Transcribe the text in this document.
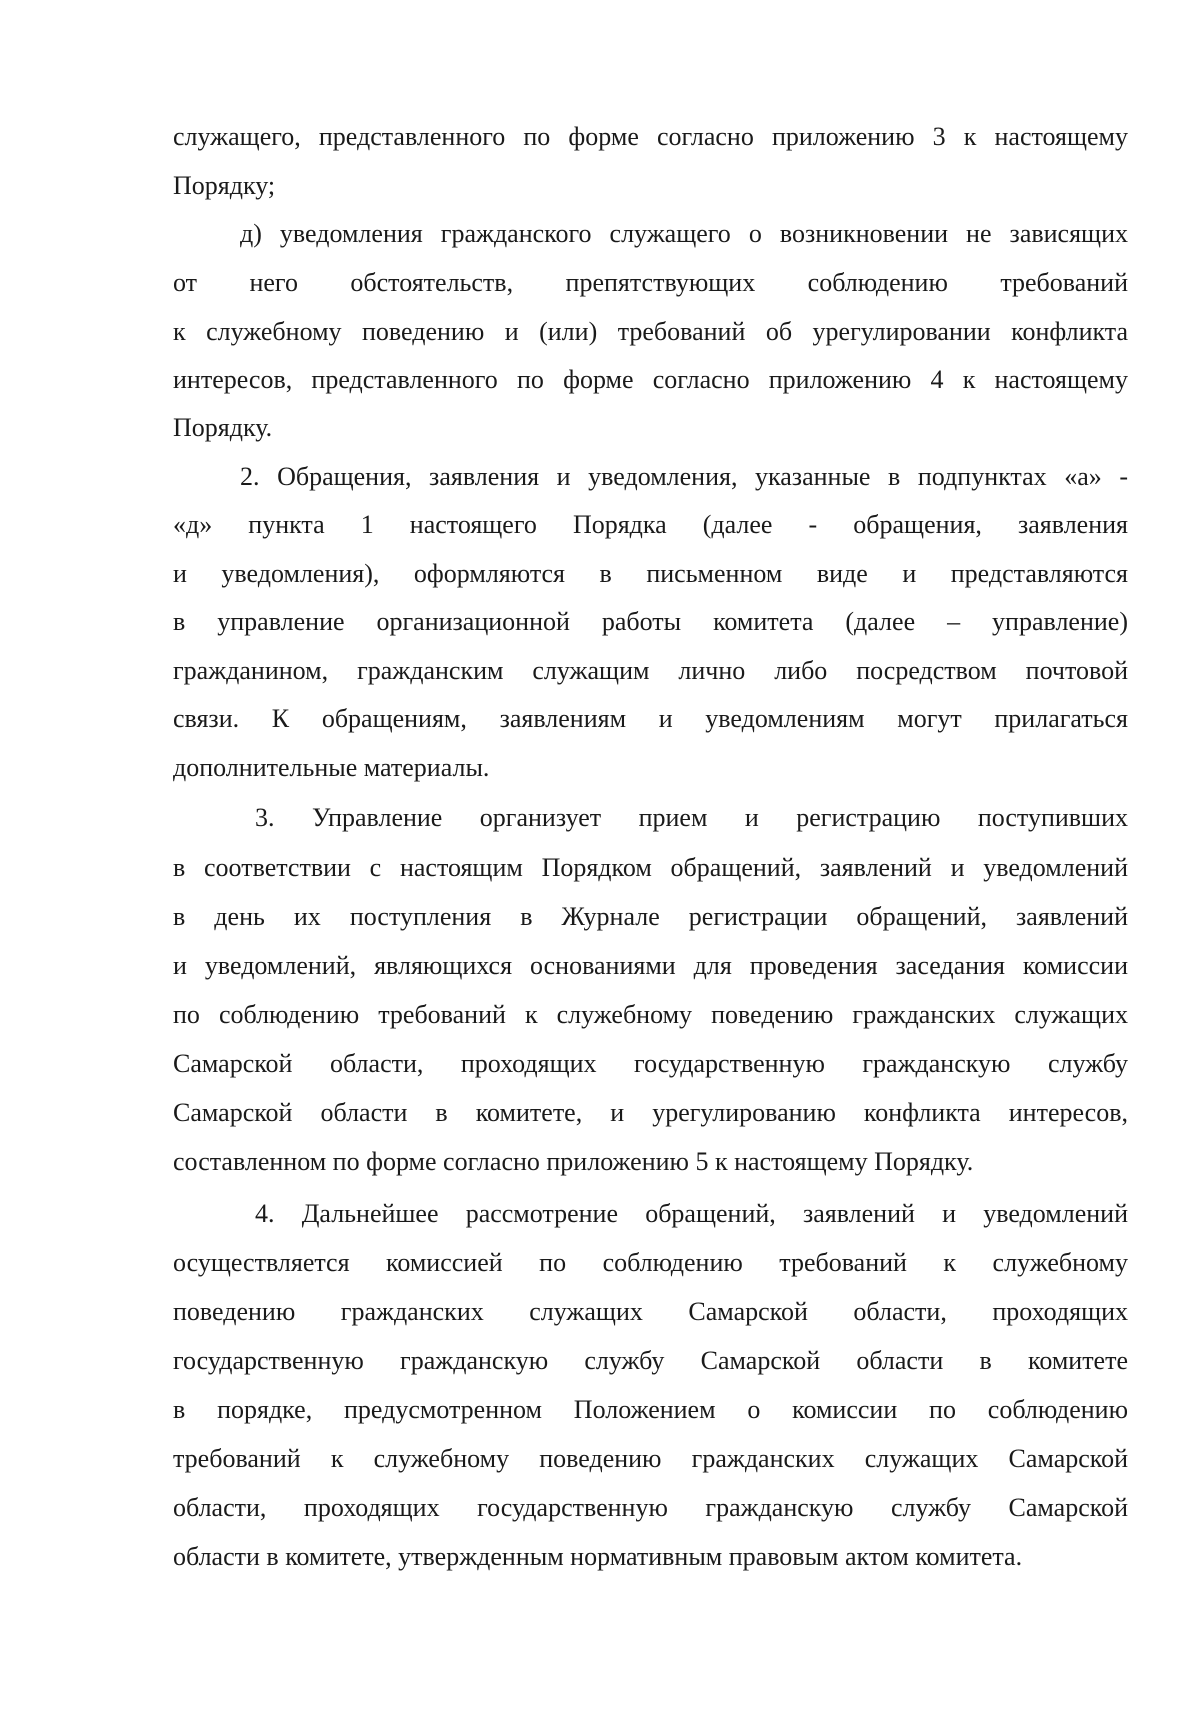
служащего, представленного по форме согласно приложению 3 к настоящему
Порядку;
д) уведомления гражданского служащего о возникновении не зависящих
от него обстоятельств, препятствующих соблюдению требований
к служебному поведению и (или) требований об урегулировании конфликта
интересов, представленного по форме согласно приложению 4 к настоящему
Порядку.
2. Обращения, заявления и уведомления, указанные в подпунктах «а» -
«д» пункта 1 настоящего Порядка (далее - обращения, заявления
и уведомления), оформляются в письменном виде и представляются
в управление организационной работы комитета (далее – управление)
гражданином, гражданским служащим лично либо посредством почтовой
связи. К обращениям, заявлениям и уведомлениям могут прилагаться
дополнительные материалы.
3. Управление организует прием и регистрацию поступивших
в соответствии с настоящим Порядком обращений, заявлений и уведомлений
в день их поступления в Журнале регистрации обращений, заявлений
и уведомлений, являющихся основаниями для проведения заседания комиссии
по соблюдению требований к служебному поведению гражданских служащих
Самарской области, проходящих государственную гражданскую службу
Самарской области в комитете, и урегулированию конфликта интересов,
составленном по форме согласно приложению 5 к настоящему Порядку.
4. Дальнейшее рассмотрение обращений, заявлений и уведомлений
осуществляется комиссией по соблюдению требований к служебному
поведению гражданских служащих Самарской области, проходящих
государственную гражданскую службу Самарской области в комитете
в порядке, предусмотренном Положением о комиссии по соблюдению
требований к служебному поведению гражданских служащих Самарской
области, проходящих государственную гражданскую службу Самарской
области в комитете, утвержденным нормативным правовым актом комитета.
